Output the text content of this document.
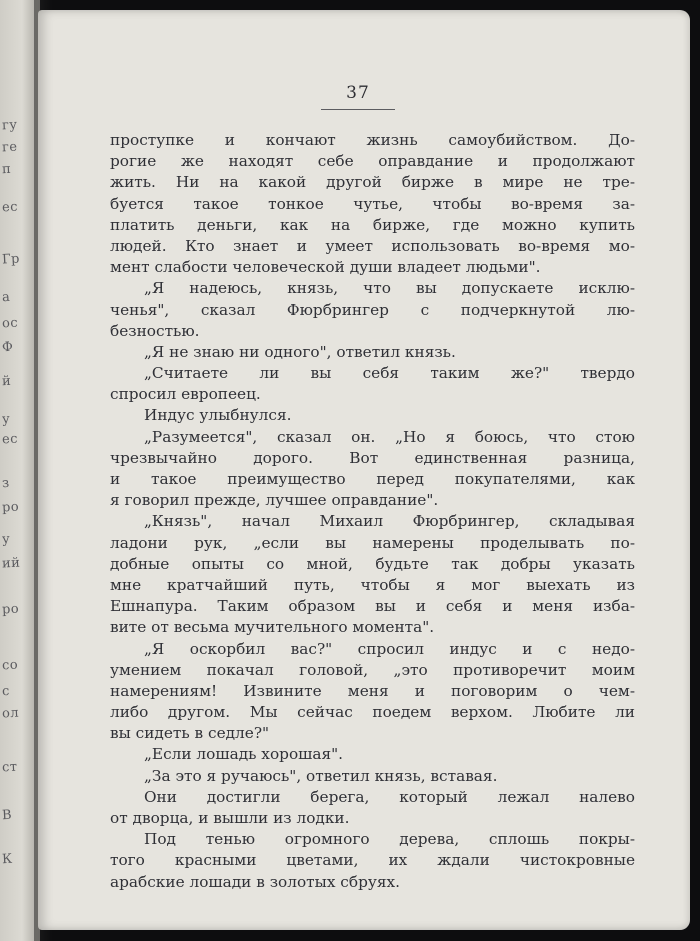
гу
ге
п
ес
Гр
а
ос
Ф
й
у
ес
з
ро
у
ий
ро
со
с
ол
ст
В
К
37
проступке и кончают жизнь самоубийством. До-
рогие же находят себе оправдание и продолжают
жить. Ни на какой другой бирже в мире не тре-
буется такое тонкое чутье, чтобы во-время за-
платить деньги, как на бирже, где можно купить
людей. Кто знает и умеет использовать во-время мо-
мент слабости человеческой души владеет людьми".
„Я надеюсь, князь, что вы допускаете исклю-
ченья", сказал Фюрбрингер с подчеркнутой лю-
безностью.
„Я не знаю ни одного", ответил князь.
„Считаете ли вы себя таким же?" твердо
спросил европеец.
Индус улыбнулся.
„Разумеется", сказал он. „Но я боюсь, что стою
чрезвычайно дорого. Вот единственная разница,
и такое преимущество перед покупателями, как
я говорил прежде, лучшее оправдание".
„Князь", начал Михаил Фюрбрингер, складывая
ладони рук, „если вы намерены проделывать по-
добные опыты со мной, будьте так добры указать
мне кратчайший путь, чтобы я мог выехать из
Ешнапура. Таким образом вы и себя и меня изба-
вите от весьма мучительного момента".
„Я оскорбил вас?" спросил индус и с недо-
умением покачал головой, „это противоречит моим
намерениям! Извините меня и поговорим о чем-
либо другом. Мы сейчас поедем верхом. Любите ли
вы сидеть в седле?"
„Если лошадь хорошая".
„За это я ручаюсь", ответил князь, вставая.
Они достигли берега, который лежал налево
от дворца, и вышли из лодки.
Под тенью огромного дерева, сплошь покры-
того красными цветами, их ждали чистокровные
арабские лошади в золотых сбруях.
